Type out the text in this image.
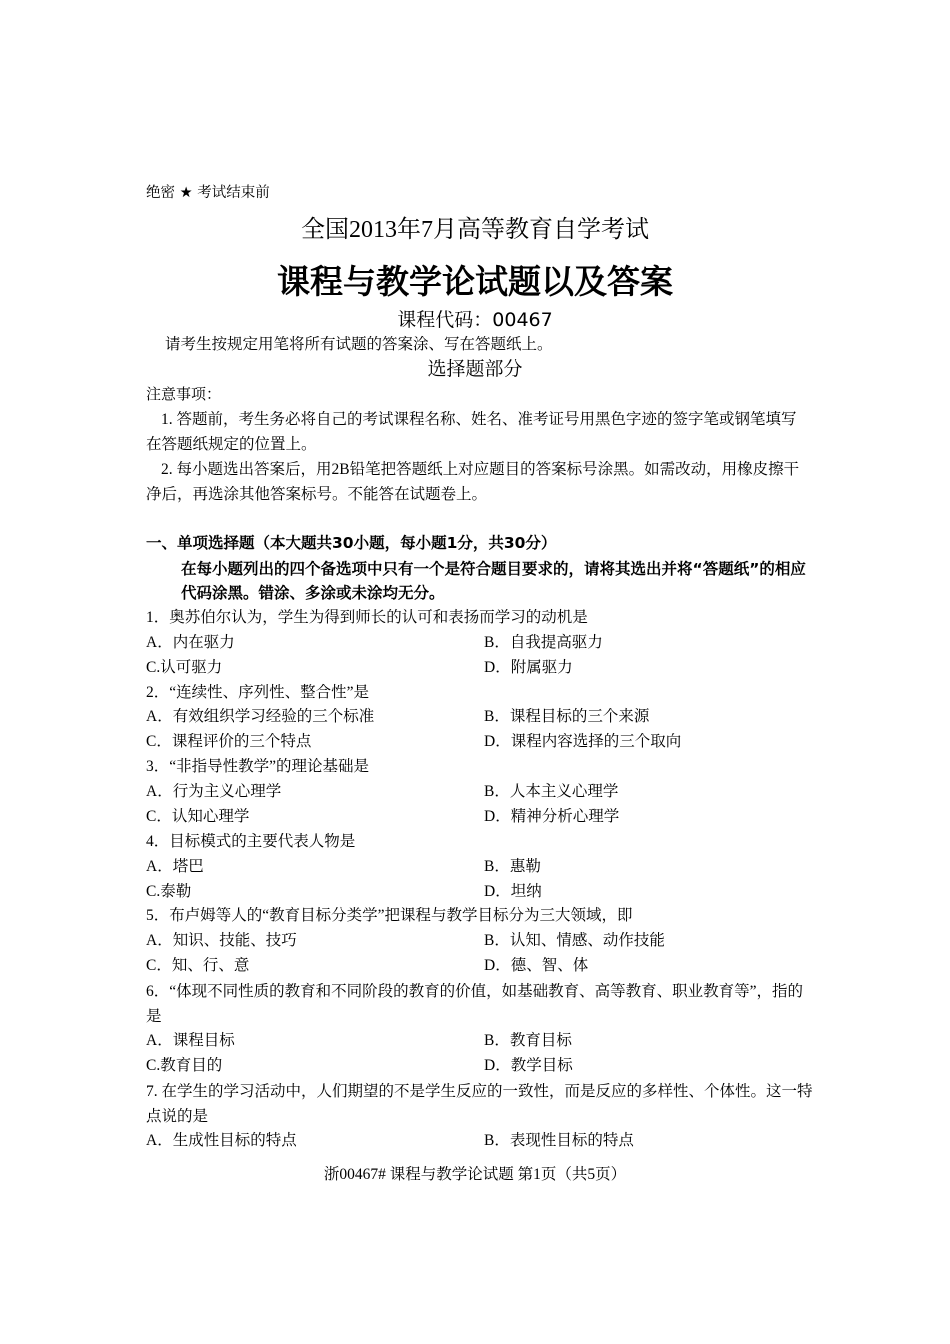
绝密 ★ 考试结束前
全国2013年7月高等教育自学考试
课程与教学论试题以及答案
课程代码：00467
请考生按规定用笔将所有试题的答案涂、写在答题纸上。
选择题部分
注意事项：
1. 答题前，考生务必将自己的考试课程名称、姓名、准考证号用黑色字迹的签字笔或钢笔填写在答题纸规定的位置上。
2. 每小题选出答案后，用2B铅笔把答题纸上对应题目的答案标号涂黑。如需改动，用橡皮擦干净后，再选涂其他答案标号。不能答在试题卷上。
一、单项选择题（本大题共30小题，每小题1分，共30分）
在每小题列出的四个备选项中只有一个是符合题目要求的，请将其选出并将“答题纸”的相应代码涂黑。错涂、多涂或未涂均无分。
1．奥苏伯尔认为，学生为得到师长的认可和表扬而学习的动机是
A．内在驱力	B．自我提高驱力
C.认可驱力	D．附属驱力
2．“连续性、序列性、整合性”是
A．有效组织学习经验的三个标准	B．课程目标的三个来源
C．课程评价的三个特点	D．课程内容选择的三个取向
3．“非指导性教学”的理论基础是
A．行为主义心理学	B．人本主义心理学
C．认知心理学	D．精神分析心理学
4．目标模式的主要代表人物是
A．塔巴	B．惠勒
C.泰勒	D．坦纳
5．布卢姆等人的“教育目标分类学”把课程与教学目标分为三大领域，即
A．知识、技能、技巧	B．认知、情感、动作技能
C．知、行、意	D．德、智、体
6．“体现不同性质的教育和不同阶段的教育的价值，如基础教育、高等教育、职业教育等”，指的是
A．课程目标	B．教育目标
C.教育目的	D．教学目标
7. 在学生的学习活动中，人们期望的不是学生反应的一致性，而是反应的多样性、个体性。这一特点说的是
A．生成性目标的特点	B．表现性目标的特点
浙00467# 课程与教学论试题 第1页（共5页）
